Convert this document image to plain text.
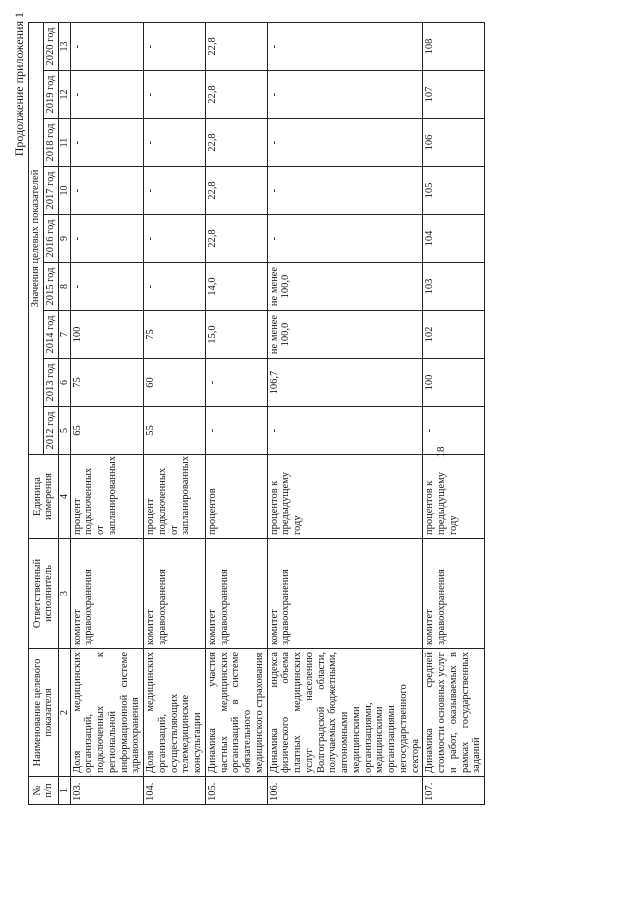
18
Продолжение приложения 1
№ п/п	Наименование целевого показателя	Ответственный исполнитель	Единица измерения	Значения целевых показателей								
				2012 год	2013 год	2014 год	2015 год	2016 год	2017 год	2018 год	2019 год	2020 год
1	2	3	4	5	6	7	8	9	10	11	12	13
103.	Доля медицинских организаций, подключенных к региональной информационной системе здравоохранения	комитет здравоохранения	процент подключенных от запланированных	65	75	100	-	-	-	-	-	-
104.	Доля медицинских организаций, осуществляющих телемедицинские консультации	комитет здравоохранения	процент подключенных от запланированных	55	60	75	-	-	-	-	-	-
105.	Динамика участия частных медицинских организаций в системе обязательного медицинского страхования	комитет здравоохранения	процентов	-	-	15,0	14,0	22,8	22,8	22,8	22,8	22,8
106.	Динамика индекса физического объема платных медицинских услуг населению Волгоградской области, получаемых бюджетными, автономными медицинскими организациями, медицинскими организациями негосударственного сектора	комитет здравоохранения	процентов к предыдущему году	-	106,7	не менее 100,0	не менее 100,0	-	-	-	-	-
107.	Динамика средней стоимости основных услуг и работ, оказываемых в рамках государственных заданий	комитет здравоохранения	процентов к предыдущему году	-	100	102	103	104	105	106	107	108
